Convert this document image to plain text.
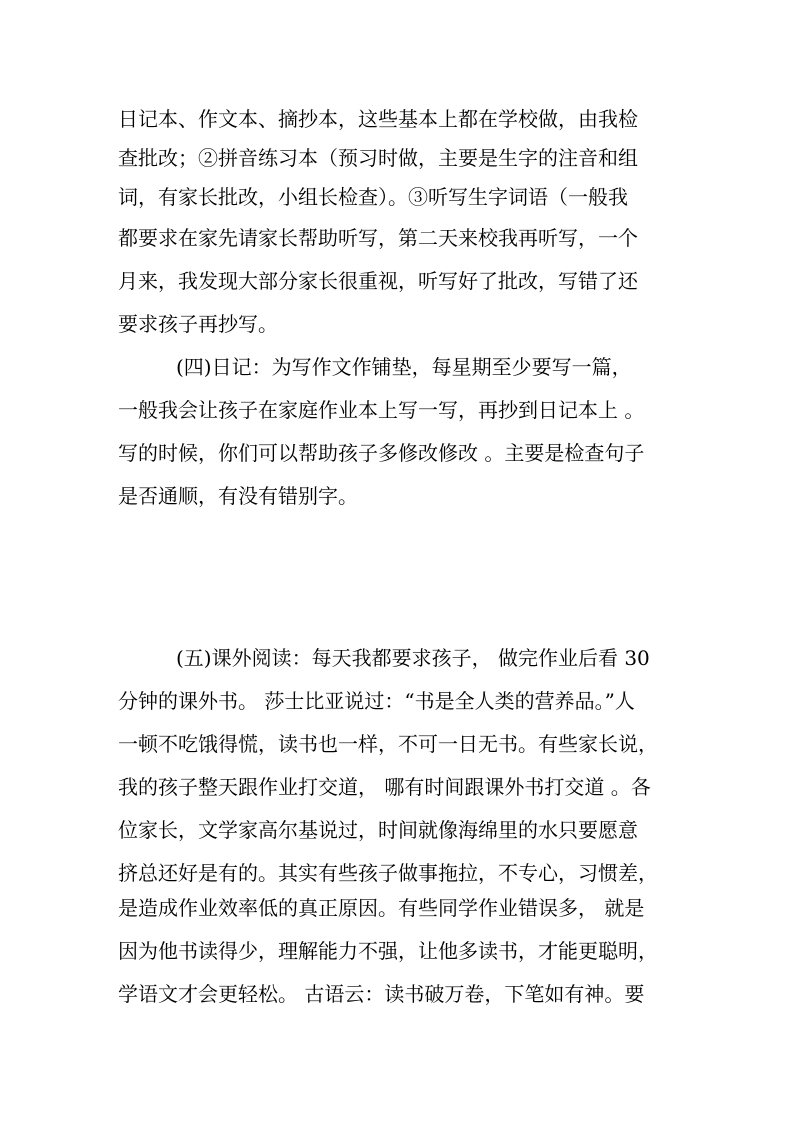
日记本、作文本、摘抄本，这些基本上都在学校做，由我检

查批改；②拼音练习本（预习时做，主要是生字的注音和组

词，有家长批改，小组长检查）。③听写生字词语（一般我

都要求在家先请家长帮助听写，第二天来校我再听写，一个

月来，我发现大部分家长很重视，听写好了批改，写错了还

要求孩子再抄写。

(四)日记：为写作文作铺垫，每星期至少要写一篇，

一般我会让孩子在家庭作业本上写一写，再抄到日记本上 。

写的时候，你们可以帮助孩子多修改修改 。主要是检查句子

是否通顺，有没有错别字。

(五)课外阅读：每天我都要求孩子， 做完作业后看 30

分钟的课外书。 莎士比亚说过：“书是全人类的营养品。”人

一顿不吃饿得慌，读书也一样，不可一日无书。有些家长说，

我的孩子整天跟作业打交道， 哪有时间跟课外书打交道 。各

位家长，文学家高尔基说过，时间就像海绵里的水只要愿意

挤总还好是有的。其实有些孩子做事拖拉，不专心，习惯差，

是造成作业效率低的真正原因。有些同学作业错误多， 就是

因为他书读得少，理解能力不强，让他多读书，才能更聪明，

学语文才会更轻松。 古语云：读书破万卷，下笔如有神。要
